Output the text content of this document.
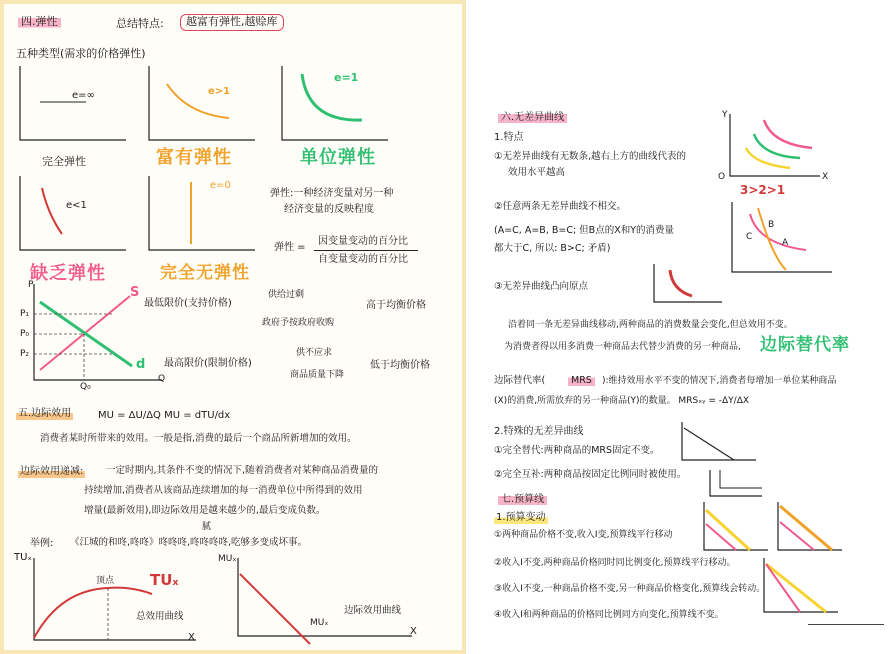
四.弹性	总结特点:	越富有弹性,越赊库
五种类型(需求的价格弹性)
e=∞
完全弹性
e>1
富有弹性
e=1
单位弹性
e<1
缺乏弹性
e=0
完全无弹性
弹性:一种经济变量对另一种
经济变量的反映程度
弹性 =
因变量变动的百分比
自变量变动的百分比
P
P₁
P₀
P₂
Q₀
Q
S
d
最低限价(支持价格)
供给过剩
政府予按政府收购
高于均衡价格
最高限价(限制价格)
供不应求
商品质量下降
低于均衡价格
五.边际效用	MU = ΔU/ΔQ MU = dTU/dx
消费者某时所带来的效用。一般是指,消费的最后一个商品所新增加的效用。
边际效用递减: 一定时期内,其条件不变的情况下,随着消费者对某种商品消费量的
持续增加,消费者从该商品连续增加的每一消费单位中所得到的效用
增量(最新效用),即边际效用是越来越少的,最后变成负数。
腻
举例: 《江城的和咚,咚咚》咚咚咚,咚咚咚咚,吃够多变成坏事。
TUₓ
顶点 TUₓ
总效用曲线
X
MUₓ
边际效用曲线
MUₓ
X
六.无差异曲线
1.特点
①无差异曲线有无数条,越右上方的曲线代表的
效用水平越高
Y
O	X
3>2>1
②任意两条无差异曲线不相交。
(A=C, A=B, B=C; 但B点的X和Y的消费量
都大于C, 所以: B>C; 矛盾)
B
C
A
③无差异曲线凸向原点
沿着同一条无差异曲线移动,两种商品的消费数量会变化,但总效用不变。
为消费者得以用多消费一种商品去代替少消费的另一种商品, 边际替代率
边际替代率(	MRS	):维持效用水平不变的情况下,消费者每增加一单位某种商品
(X)的消费,所需放弃的另一种商品(Y)的数量。 MRSₓᵧ = -ΔY/ΔX
2.特殊的无差异曲线
①完全替代:两种商品的MRS固定不变。
②完全互补:两种商品按固定比例同时被使用。
七.预算线
1.预算变动
①两种商品价格不变,收入I变,预算线平行移动
②收入I不变,两种商品价格同时同比例变化,预算线平行移动。
③收入I不变,一种商品价格不变,另一种商品价格变化,预算线会转动。
④收入I和两种商品的价格同比例同方向变化,预算线不变。
